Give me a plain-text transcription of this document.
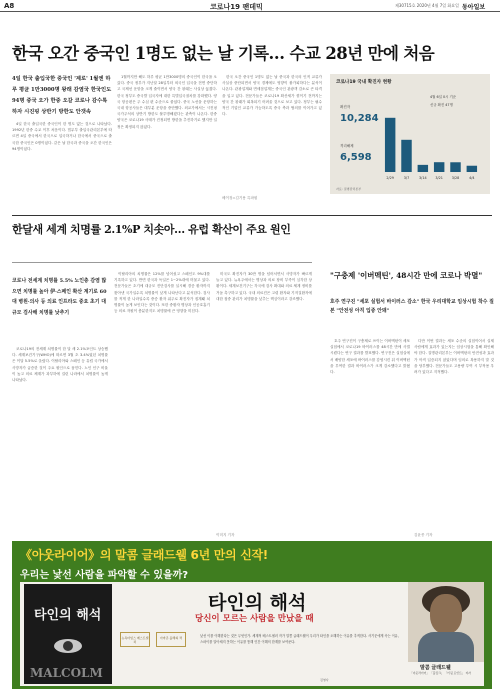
A8	코로나19 팬데믹	제30715호 2020년 4월 7일 화요일 동아일보
한국 오간 중국인 1명도 없는 날 기록… 수교 28년 만에 처음
4일 한국 출입국한 중국인 '제로' 1월엔 하루 평균 1만3000명 왕래 감염국 한국인도 94명 중국 오가 한중 오갈 코로나 감수록 하자 시진핑 상반기 방한도 안갯속

4일 한국 출입국한 중국인이 한 명도 없는 것으로 나타났다. 1992년 한중 수교 이후 처음이다. 법무부 출입국관리본부에 따르면 4일 중국에서 한국으로 입국하거나 한국에서 중국으로 출국한 중국인은 0명이었다. 같은 날 한국과 중국을 오간 한국인은 94명이었다.

1월까지만 해도 하루 평균 1만3000명의 중국인이 한국을 오갔다. 중국 정부가 지난달 28일부터 외국인 입국을 전면 중단하고 국제선 운항을 크게 줄이면서 양국 간 왕래는 사실상 끊겼다. 한국 정부도 중국발 입국자에 대한 특별입국절차를 강화했다. 양국 항공편은 주 수십 편 수준으로 줄었다. 중국 노선을 운항하는 국내 항공사들은 대부분 운항을 중단했다. 외교가에서는 시진핑 국가주석의 상반기 방한도 불투명해졌다는 관측이 나온다. 한중 양국은 코로나19 사태가 진정되면 방한을 추진하기로 했지만 일정은 확정되지 않았다.

한국 오간 중국인 1명도 없는 날 중국과 한국의 인적 교류가 사실상 중단되면서 양국 경제에도 영향이 불가피하다는 분석이 나온다. 관광업계와 면세점업계는 중국인 관광객 감소로 큰 타격을 입고 있다. 전문가들은 코로나19 확산세가 꺾이기 전까지는 양국 간 왕래가 회복되기 어려울 것으로 보고 있다. 정부는 필수적인 기업인 교류가 가능하도록 중국 측과 협의를 이어가고 있다.

베이징=김기용 특파원
코로나19 국내 확진자 현황
확진자
10,284
격리해제
6,598
4월 6일 0시 기준
신규 확진 47명
2/29	3/7	3/14	3/21	3/28	4/4
자료: 질병관리본부
한달새 세계 치명률 2.1%P 치솟아… 유럽 확산이 주요 원인
코로나 전세계 치명률 5.5% 노인층 감염 많으면 치명률 높아 伊·스페인 확산 계기로 60대 병원·의사 등 의료 인프라도 중요 초기 대규모 검사해 치명률 낮추기

코로나19의 전세계 치명률이 한 달 새 2.1%포인트 상승했다. 세계보건기구(WHO)에 따르면 3월 초 3.4%였던 치명률은 이달 5.5%로 올랐다. 이탈리아와 스페인 등 유럽 국가에서 사망자가 급증한 것이 주요 원인으로 꼽힌다. 노인 인구 비율이 높고 의료 체계가 과부하에 걸린 나라에서 치명률이 높게 나타났다.

이탈리아의 치명률은 12%를 넘어섰고 스페인도 9%대를 기록하고 있다. 반면 한국과 독일은 1~2%대에 머물고 있다. 전문가들은 초기에 대규모 진단검사를 실시해 경증 환자까지 찾아낸 국가일수록 치명률이 낮게 나타난다고 분석한다. 검사를 적게 한 나라일수록 중증 환자 위주로 확진자가 집계돼 치명률이 높게 보인다는 것이다. 또한 중환자 병상과 인공호흡기 등 의료 자원이 충분한지도 치명률에 큰 영향을 미친다.

미국도 확진자가 30만 명을 넘어서면서 사망자가 빠르게 늘고 있다. 뉴욕주에서는 병상과 의료 장비 부족이 심각한 상황이다. 세계보건기구는 각국에 검사 확대와 의료 체계 정비를 거듭 촉구하고 있다. 국내 의료진은 고령 환자와 기저질환자에 대한 집중 관리가 치명률을 낮추는 핵심이라고 강조했다.

이미지 기자
"구충제 '이버멕틴', 48시간 만에 코로나 박멸"
호주 연구진 "세포 실험서 바이러스 감소" 한국 우리대학교 임상시험 착수 질본 "안전성 아직 입증 안돼"

호주 연구진이 구충제로 쓰이는 이버멕틴이 세포 실험에서 코로나19 바이러스를 48시간 만에 사멸시켰다는 연구 결과를 발표했다. 연구진은 실험실에서 배양한 세포에 바이러스를 감염시킨 뒤 이버멕틴을 투여한 결과 바이러스가 크게 감소했다고 밝혔다.

다만 이번 결과는 세포 수준의 실험이어서 실제 사람에게 효과가 있는지는 임상시험을 통해 확인해야 한다. 질병관리본부는 이버멕틴의 안전성과 효과가 아직 입증되지 않았다며 임의로 복용하지 말 것을 당부했다. 전문가들도 고용량 투여 시 부작용 우려가 있다고 지적했다.

김윤종 기자
《아웃라이어》의 말콤 글래드웰 6년 만의 신작!
우리는 낯선 사람을 파악할 수 있을까?
타인의 해석
MALCOLM
뉴욕타임스 베스트셀러
아마존 올해의 책
타인의 해석
당신이 모르는 사람을 만났을 때
낯선 이를 이해한다는 것은 무엇인가. 세계적 베스트셀러 작가 말콤 글래드웰이 우리가 타인을 오해하는 이유를 추적한다. 사기꾼에게 속는 이유, 스파이를 알아채지 못하는 이유를 통해 인간 이해의 한계를 보여준다.
김영사
말콤 글래드웰
「아웃라이어」 「블링크」 「티핑 포인트」 저자
